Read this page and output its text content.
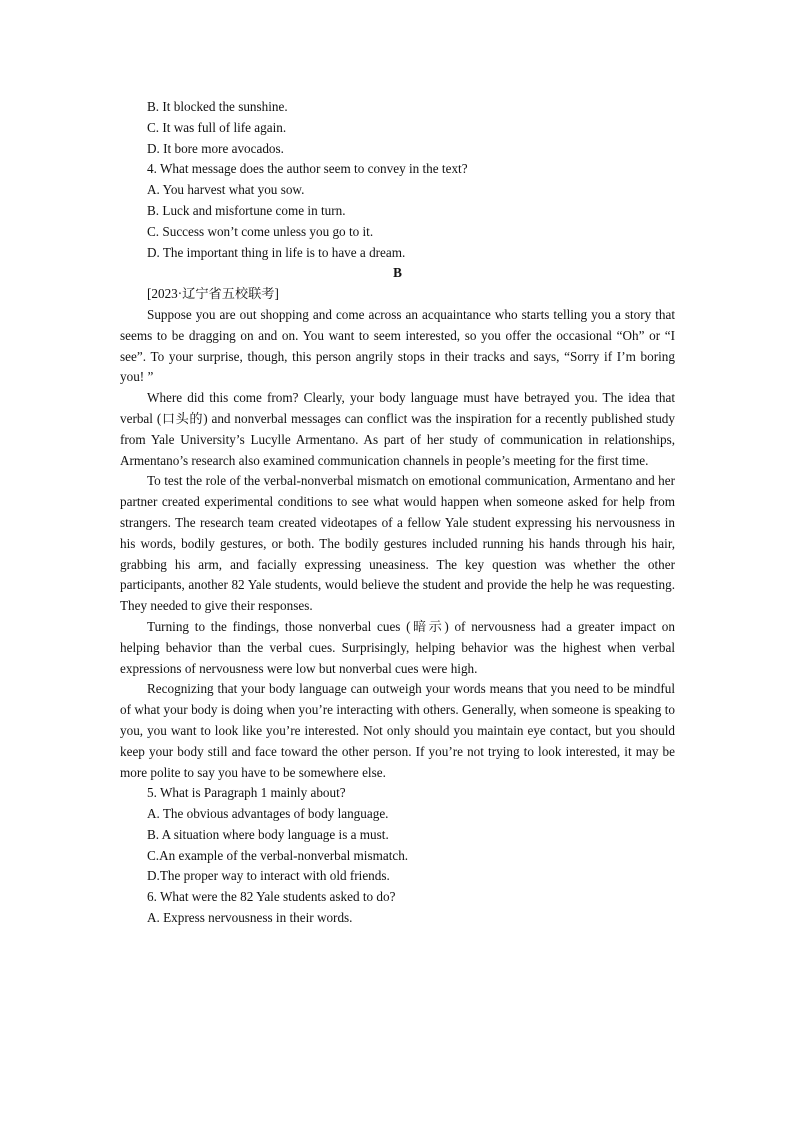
B. It blocked the sunshine.
C. It was full of life again.
D. It bore more avocados.
4. What message does the author seem to convey in the text?
A. You harvest what you sow.
B. Luck and misfortune come in turn.
C. Success won’t come unless you go to it.
D. The important thing in life is to have a dream.
B
[2023·辽宁省五校联考]

Suppose you are out shopping and come across an acquaintance who starts telling you a story that seems to be dragging on and on. You want to seem interested, so you offer the occasional “Oh” or “I see”. To your surprise, though, this person angrily stops in their tracks and says, “Sorry if I’m boring you! ”

Where did this come from? Clearly, your body language must have betrayed you. The idea that verbal (口头的) and nonverbal messages can conflict was the inspiration for a recently published study from Yale University’s Lucylle Armentano. As part of her study of communication in relationships, Armentano’s research also examined communication channels in people’s meeting for the first time.

To test the role of the verbal-nonverbal mismatch on emotional communication, Armentano and her partner created experimental conditions to see what would happen when someone asked for help from strangers. The research team created videotapes of a fellow Yale student expressing his nervousness in his words, bodily gestures, or both. The bodily gestures included running his hands through his hair, grabbing his arm, and facially expressing uneasiness. The key question was whether the other participants, another 82 Yale students, would believe the student and provide the help he was requesting. They needed to give their responses.

Turning to the findings, those nonverbal cues (暗示) of nervousness had a greater impact on helping behavior than the verbal cues. Surprisingly, helping behavior was the highest when verbal expressions of nervousness were low but nonverbal cues were high.

Recognizing that your body language can outweigh your words means that you need to be mindful of what your body is doing when you’re interacting with others. Generally, when someone is speaking to you, you want to look like you’re interested. Not only should you maintain eye contact, but you should keep your body still and face toward the other person. If you’re not trying to look interested, it may be more polite to say you have to be somewhere else.

5. What is Paragraph 1 mainly about?
A. The obvious advantages of body language.
B. A situation where body language is a must.
C.An example of the verbal-nonverbal mismatch.
D.The proper way to interact with old friends.
6. What were the 82 Yale students asked to do?
A. Express nervousness in their words.
